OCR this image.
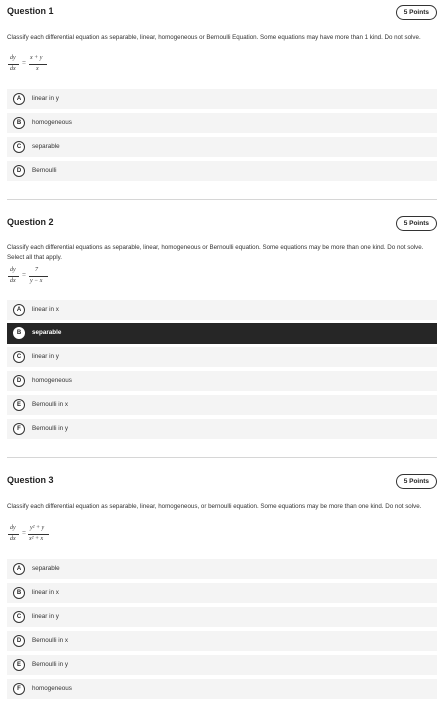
Question 1	5 Points
Classify each differential equation as separable, linear, homogeneous or Bernoulli Equation. Some equations may have more than 1 kind. Do not solve.
dy
dx
=
x + y
x
A	linear in y
B	homogeneous
C	separable
D	Bernoulli
Question 2	5 Points
Classify each differential equations as separable, linear, homogeneous or Bernoulli equation. Some equations may be more than one kind. Do not solve. Select all that apply.
dy
dx
=
7
y − x
A	linear in x
B	separable
C	linear in y
D	homogeneous
E	Bernoulli in x
F	Bernoulli in y
Question 3	5 Points
Classify each differential equation as separable, linear, homogeneous, or bernoulli equation. Some equations may be more than one kind. Do not solve.
dy
dx
=
y² + y
x² + x
A	separable
B	linear in x
C	linear in y
D	Bernoulli in x
E	Bernoulli in y
F	homogeneous
